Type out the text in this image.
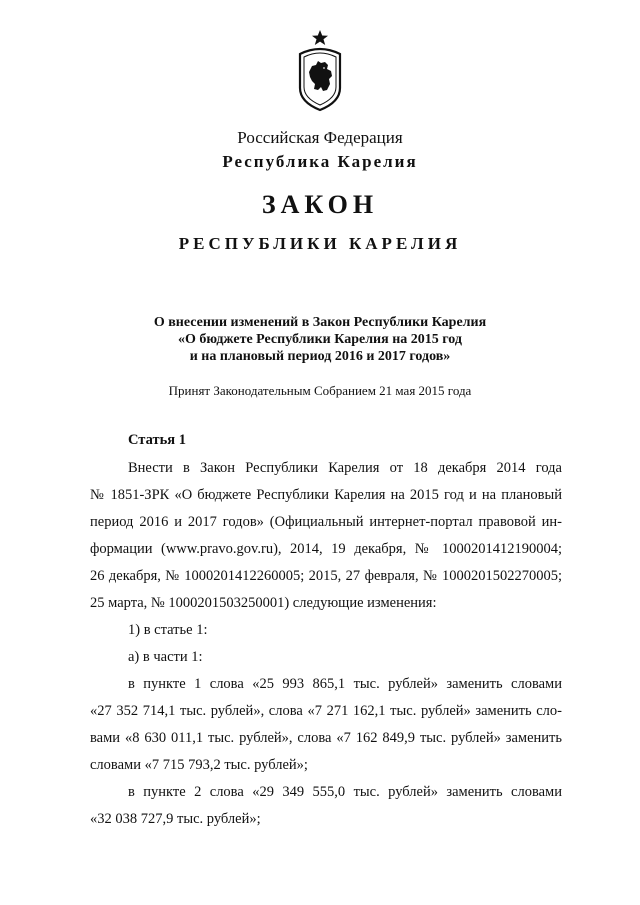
Российская Федерация
Республика Карелия
ЗАКОН
РЕСПУБЛИКИ КАРЕЛИЯ
О внесении изменений в Закон Республики Карелия
«О бюджете Республики Карелия на 2015 год
и на плановый период 2016 и 2017 годов»
Принят Законодательным Собранием 21 мая 2015 года
Статья 1
Внести в Закон Республики Карелия от 18 декабря 2014 года
№ 1851-ЗРК «О бюджете Республики Карелия на 2015 год и на плановый
период 2016 и 2017 годов» (Официальный интернет-портал правовой ин-
формации (www.pravo.gov.ru), 2014, 19 декабря, № 1000201412190004;
26 декабря, № 1000201412260005; 2015, 27 февраля, № 1000201502270005;
25 марта, № 1000201503250001) следующие изменения:
1) в статье 1:
а) в части 1:
в пункте 1 слова «25 993 865,1 тыс. рублей» заменить словами
«27 352 714,1 тыс. рублей», слова «7 271 162,1 тыс. рублей» заменить сло-
вами «8 630 011,1 тыс. рублей», слова «7 162 849,9 тыс. рублей» заменить
словами «7 715 793,2 тыс. рублей»;
в пункте 2 слова «29 349 555,0 тыс. рублей» заменить словами
«32 038 727,9 тыс. рублей»;
